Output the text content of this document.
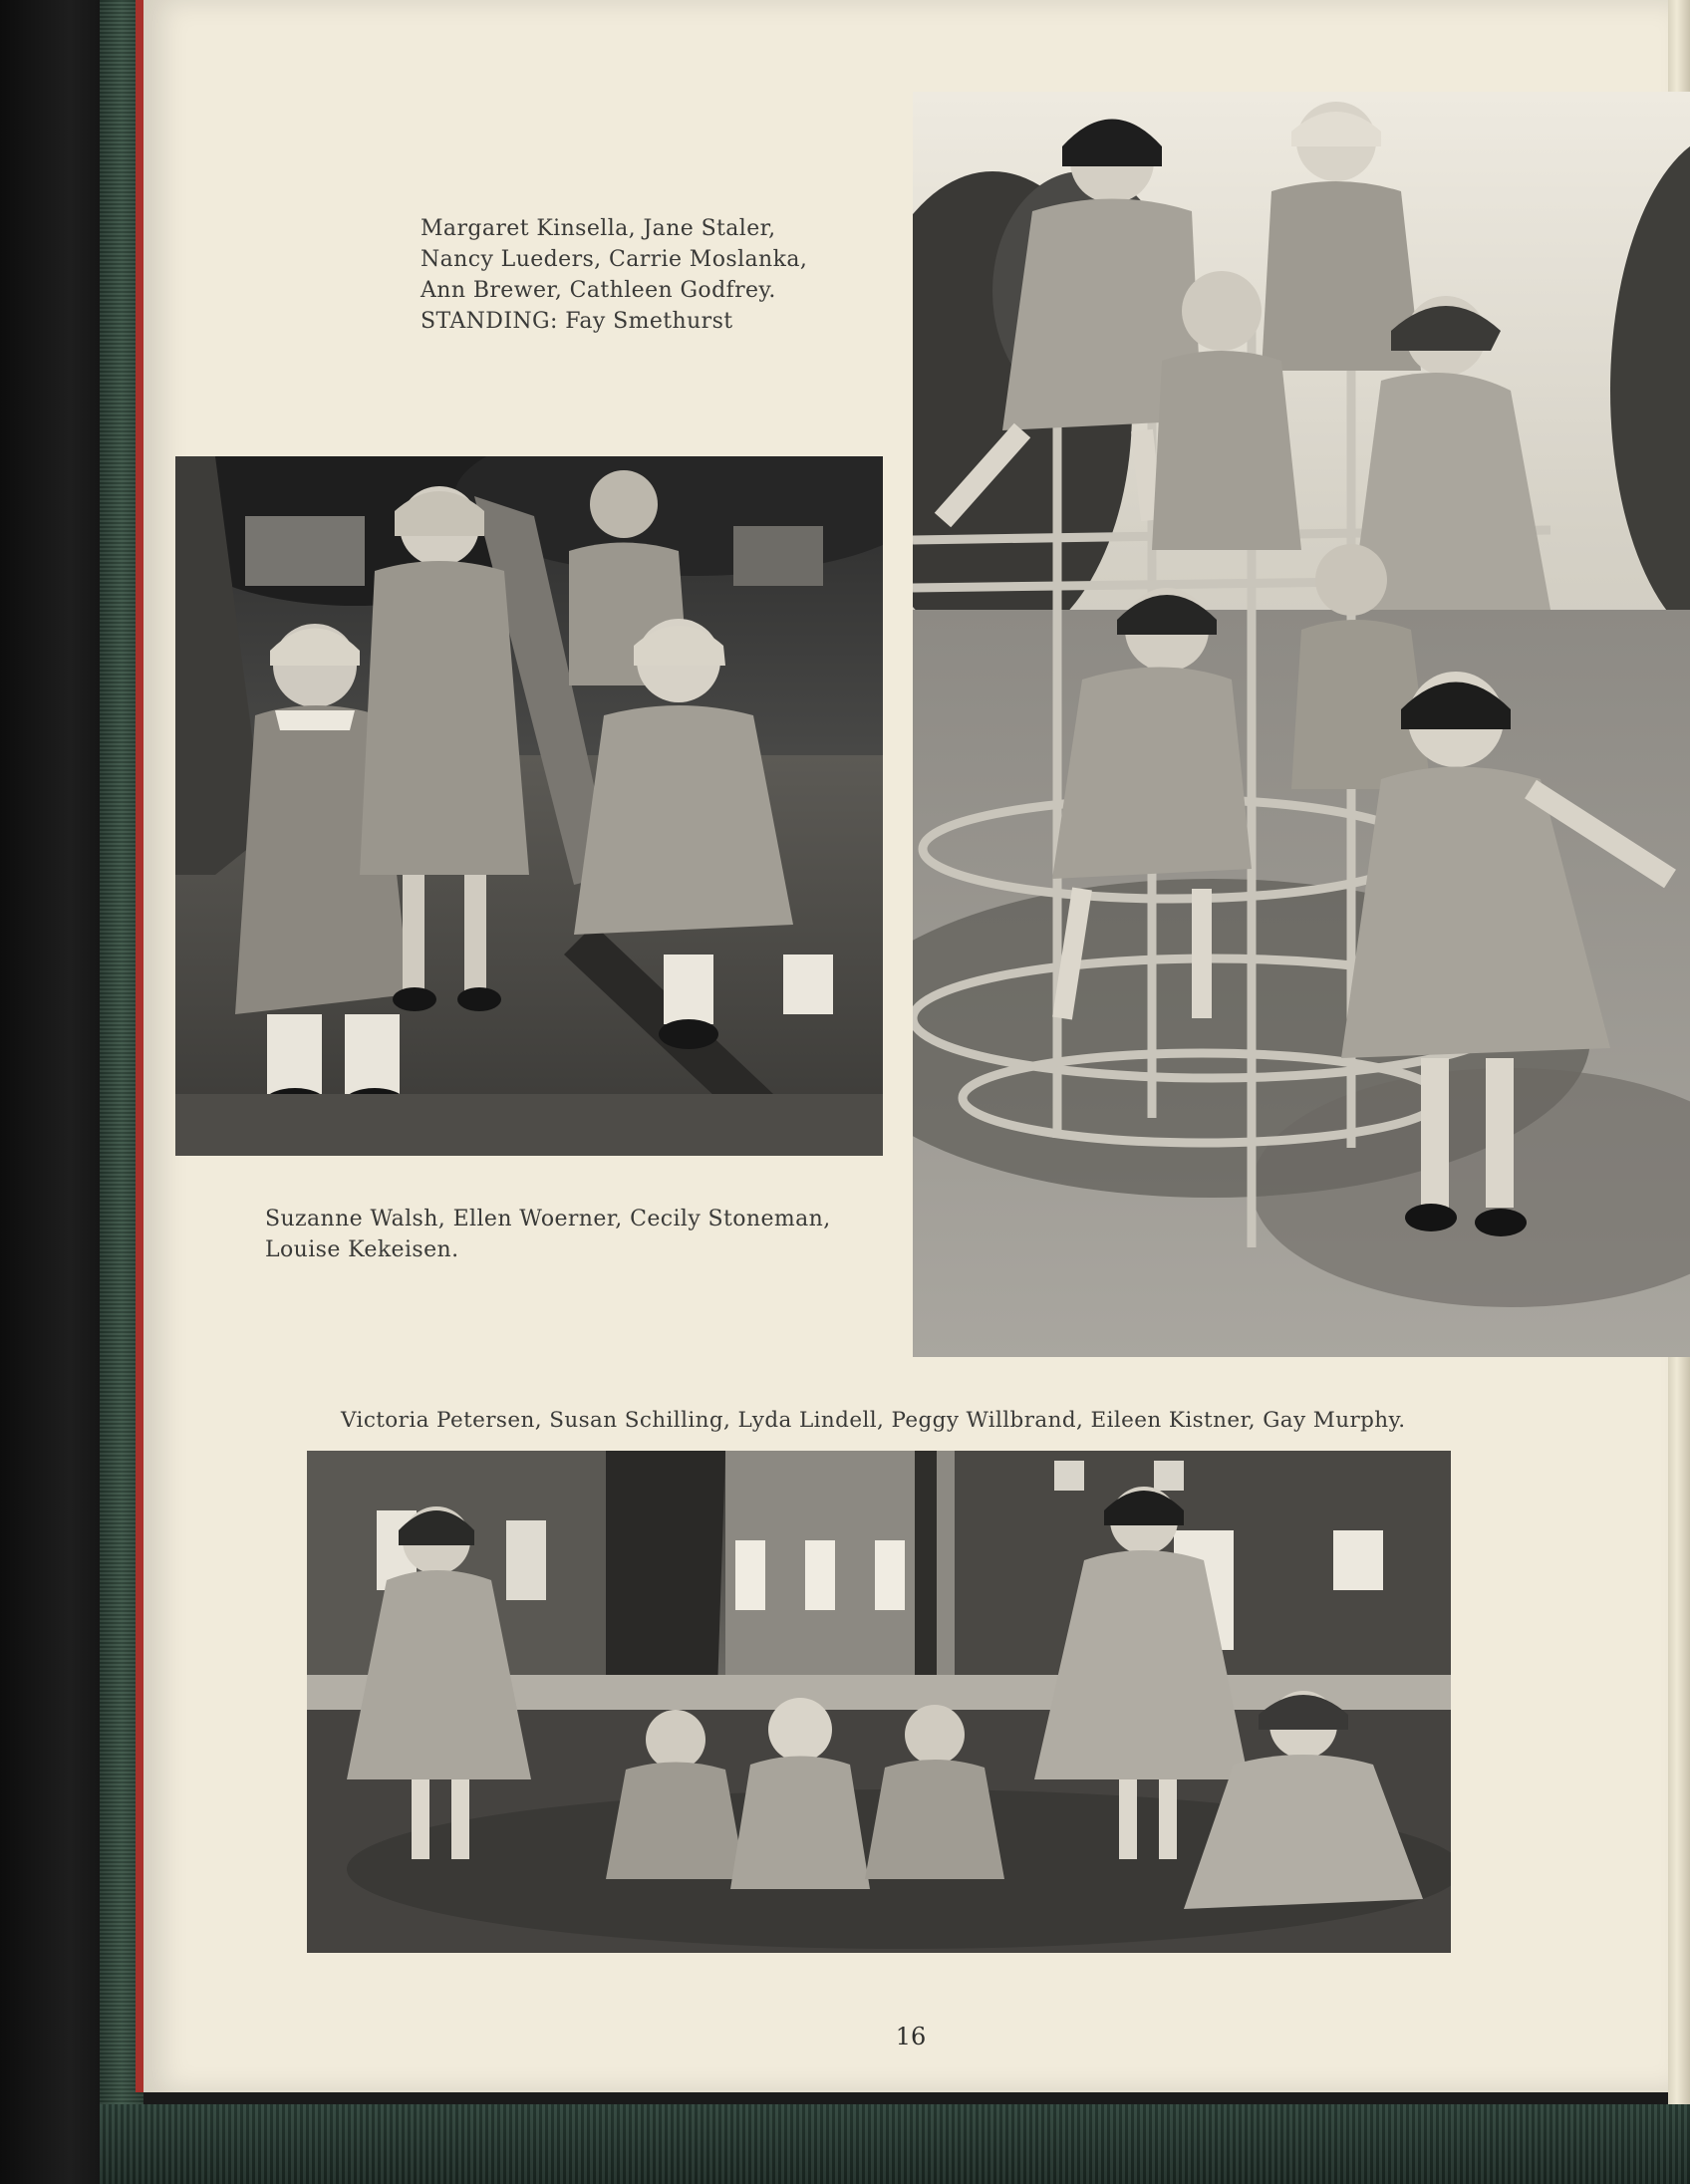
Margaret Kinsella, Jane Staler, Nancy Lueders, Carrie Moslanka, Ann Brewer, Cathleen Godfrey. STANDING: Fay Smethurst

Suzanne Walsh, Ellen Woerner, Cecily Stoneman, Louise Kekeisen.

Victoria Petersen, Susan Schilling, Lyda Lindell, Peggy Willbrand, Eileen Kistner, Gay Murphy.

16
